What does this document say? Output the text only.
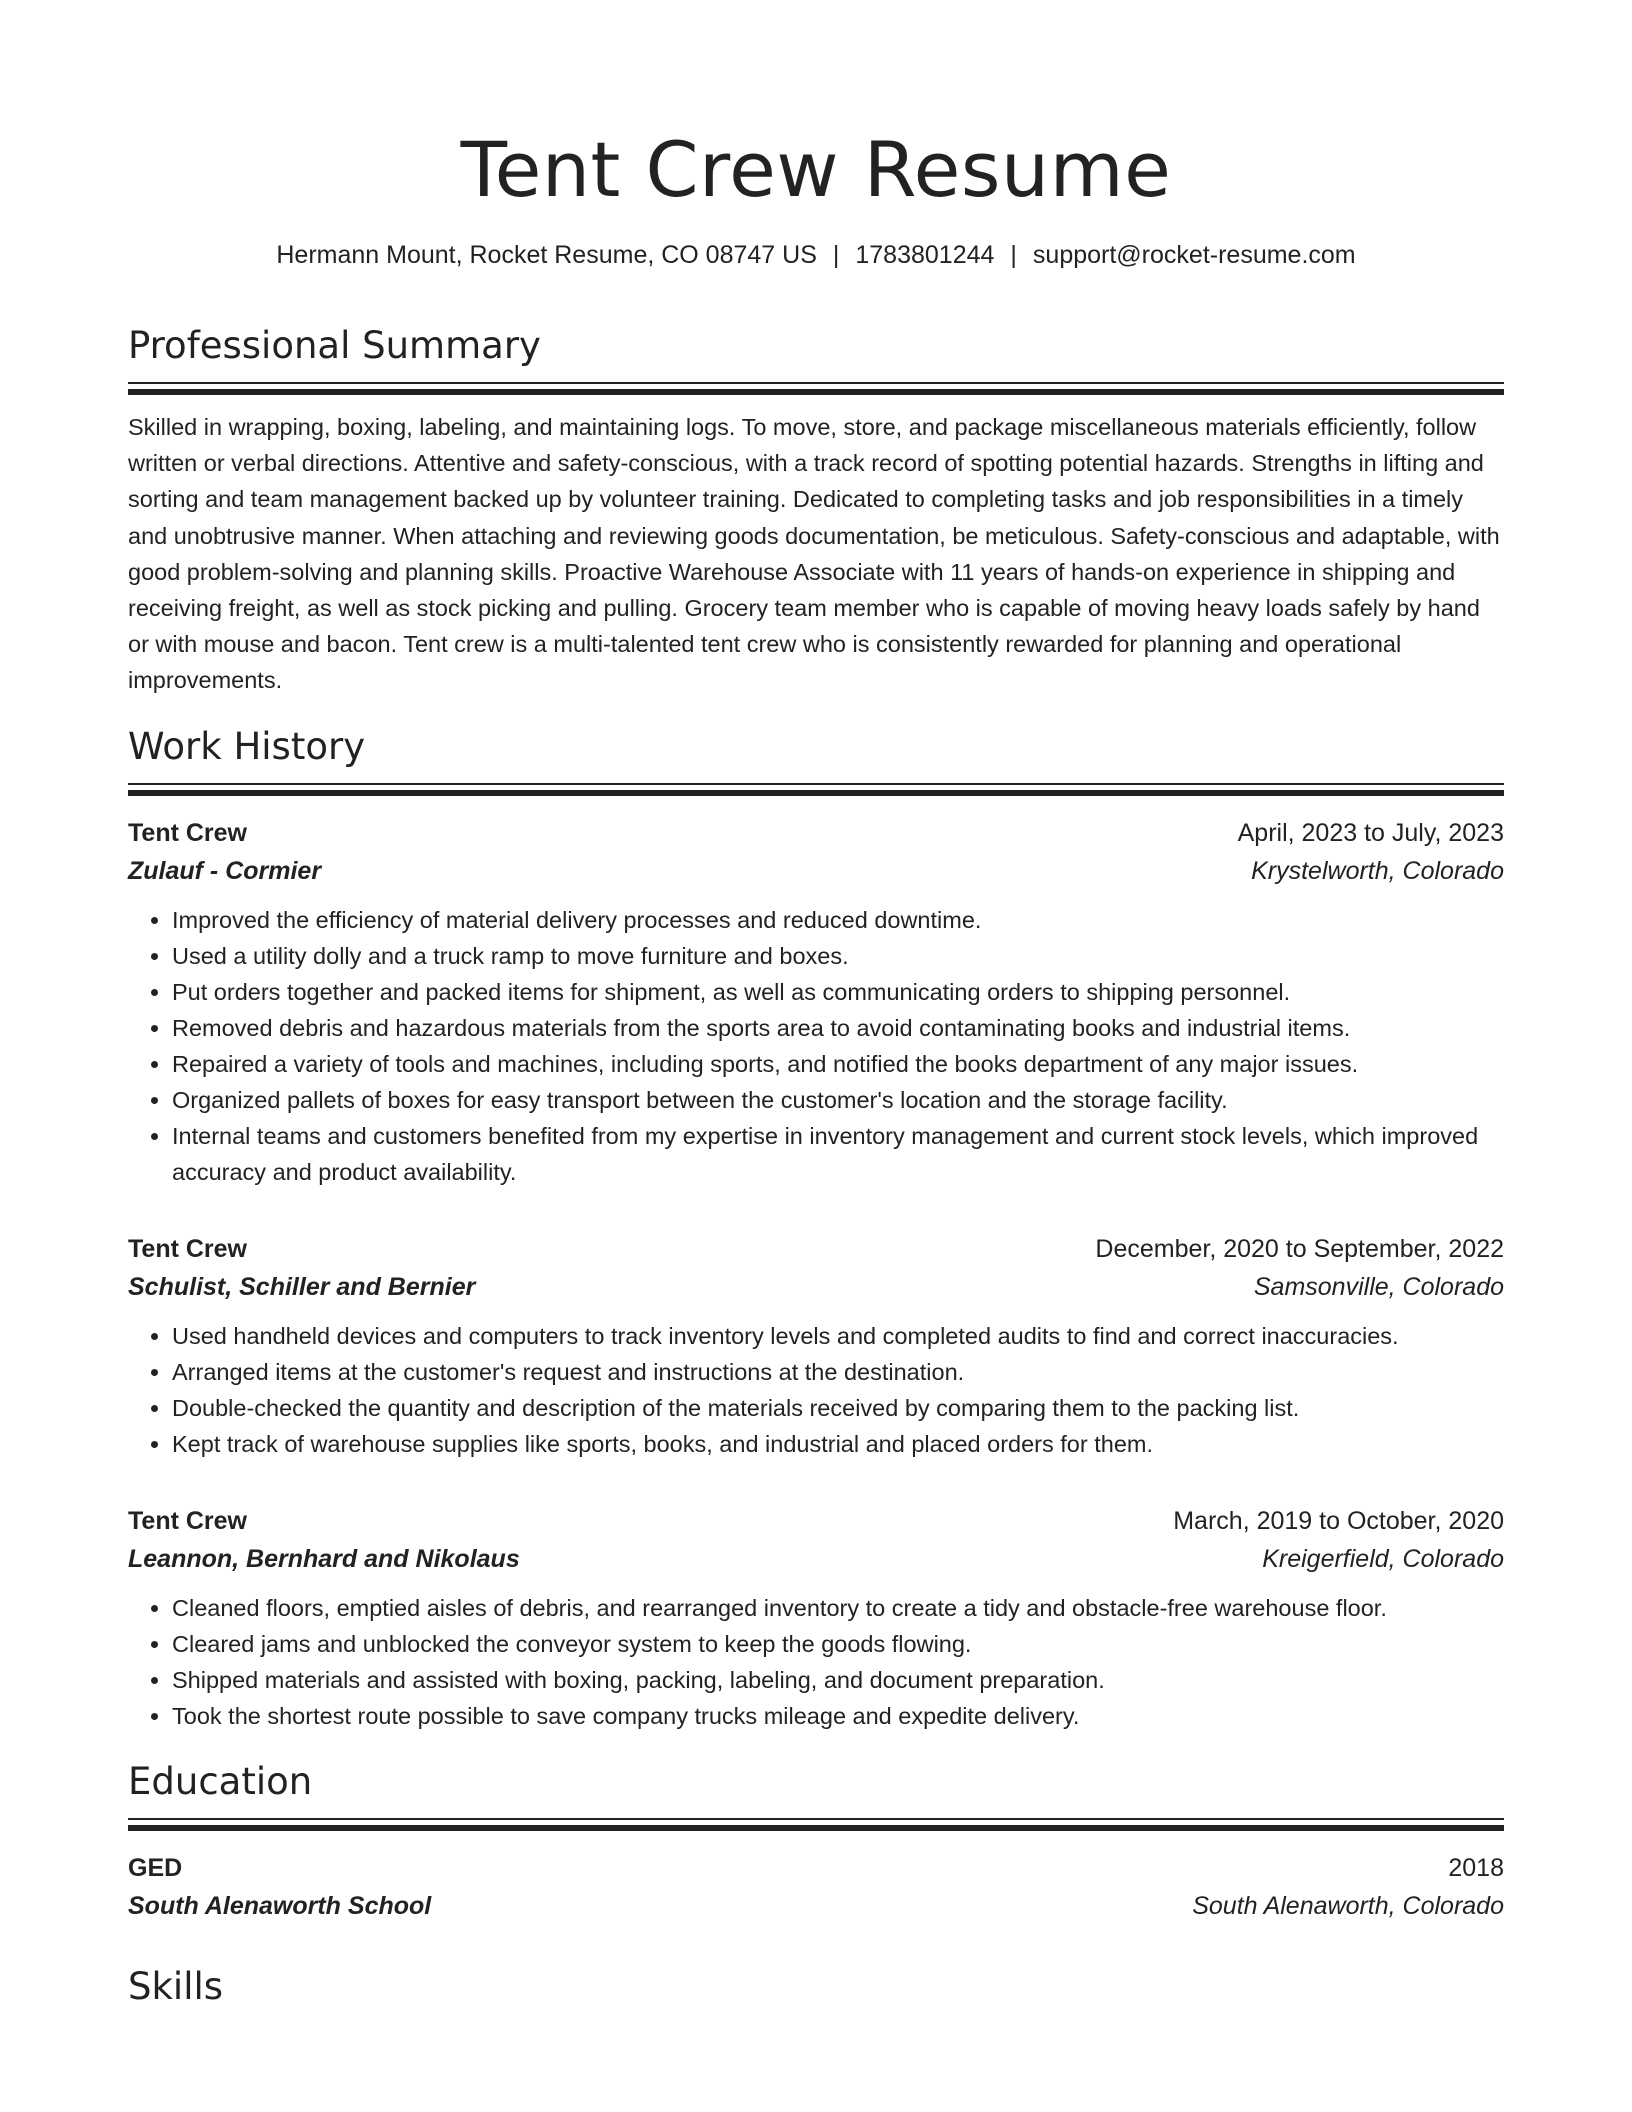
Tent Crew Resume
Hermann Mount, Rocket Resume, CO 08747 US | 1783801244 | support@rocket-resume.com
Professional Summary
Skilled in wrapping, boxing, labeling, and maintaining logs. To move, store, and package miscellaneous materials efficiently, follow written or verbal directions. Attentive and safety-conscious, with a track record of spotting potential hazards. Strengths in lifting and sorting and team management backed up by volunteer training. Dedicated to completing tasks and job responsibilities in a timely and unobtrusive manner. When attaching and reviewing goods documentation, be meticulous. Safety-conscious and adaptable, with good problem-solving and planning skills. Proactive Warehouse Associate with 11 years of hands-on experience in shipping and receiving freight, as well as stock picking and pulling. Grocery team member who is capable of moving heavy loads safely by hand or with mouse and bacon. Tent crew is a multi-talented tent crew who is consistently rewarded for planning and operational improvements.
Work History
Tent Crew	April, 2023 to July, 2023
Zulauf - Cormier	Krystelworth, Colorado
• Improved the efficiency of material delivery processes and reduced downtime.
• Used a utility dolly and a truck ramp to move furniture and boxes.
• Put orders together and packed items for shipment, as well as communicating orders to shipping personnel.
• Removed debris and hazardous materials from the sports area to avoid contaminating books and industrial items.
• Repaired a variety of tools and machines, including sports, and notified the books department of any major issues.
• Organized pallets of boxes for easy transport between the customer's location and the storage facility.
• Internal teams and customers benefited from my expertise in inventory management and current stock levels, which improved accuracy and product availability.
Tent Crew	December, 2020 to September, 2022
Schulist, Schiller and Bernier	Samsonville, Colorado
• Used handheld devices and computers to track inventory levels and completed audits to find and correct inaccuracies.
• Arranged items at the customer's request and instructions at the destination.
• Double-checked the quantity and description of the materials received by comparing them to the packing list.
• Kept track of warehouse supplies like sports, books, and industrial and placed orders for them.
Tent Crew	March, 2019 to October, 2020
Leannon, Bernhard and Nikolaus	Kreigerfield, Colorado
• Cleaned floors, emptied aisles of debris, and rearranged inventory to create a tidy and obstacle-free warehouse floor.
• Cleared jams and unblocked the conveyor system to keep the goods flowing.
• Shipped materials and assisted with boxing, packing, labeling, and document preparation.
• Took the shortest route possible to save company trucks mileage and expedite delivery.
Education
GED	2018
South Alenaworth School	South Alenaworth, Colorado
Skills
